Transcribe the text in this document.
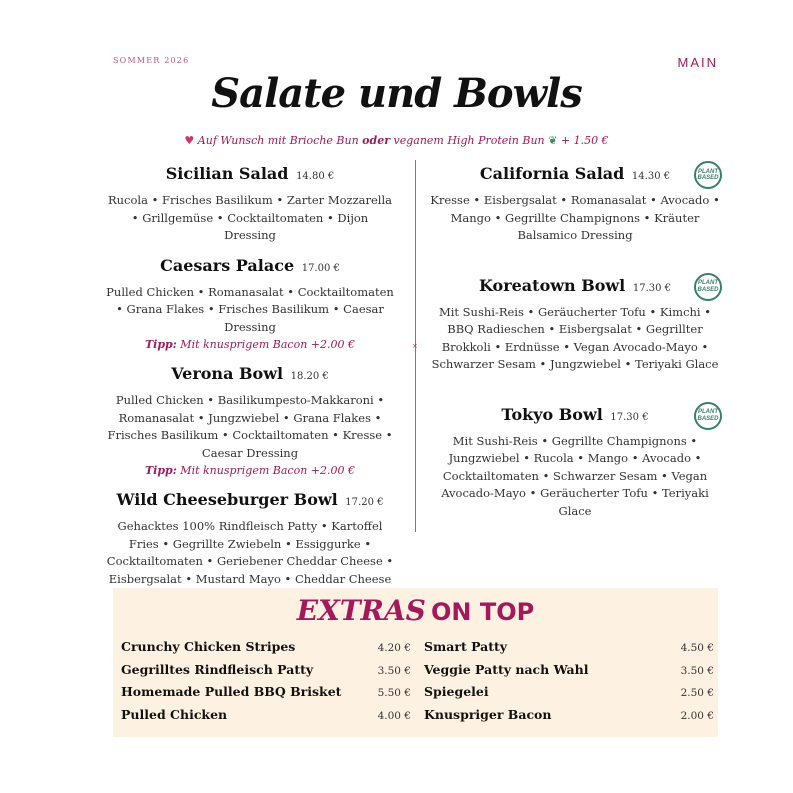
SOMMER 2026	MAIN
Salate und Bowls
♥ Auf Wunsch mit Brioche Bun oder veganem High Protein Bun ❦ + 1.50 €
×
Sicilian Salad 14.80 €
Rucola • Frisches Basilikum • Zarter Mozzarella • Grillgemüse • Cocktailtomaten • Dijon Dressing
Caesars Palace 17.00 €
Pulled Chicken • Romanasalat • Cocktailtomaten • Grana Flakes • Frisches Basilikum • Caesar Dressing
Tipp: Mit knusprigem Bacon +2.00 €
Verona Bowl 18.20 €
Pulled Chicken • Basilikumpesto-Makkaroni • Romanasalat • Jungzwiebel • Grana Flakes • Frisches Basilikum • Cocktailtomaten • Kresse • Caesar Dressing
Tipp: Mit knusprigem Bacon +2.00 €
Wild Cheeseburger Bowl 17.20 €
Gehacktes 100% Rindfleisch Patty • Kartoffel Fries • Gegrillte Zwiebeln • Essiggurke • Cocktailtomaten • Geriebener Cheddar Cheese • Eisbergsalat • Mustard Mayo • Cheddar Cheese
PLANT
BASED
California Salad 14.30 €
Kresse • Eisbergsalat • Romanasalat • Avocado • Mango • Gegrillte Champignons • Kräuter Balsamico Dressing
PLANT
BASED
Koreatown Bowl 17.30 €
Mit Sushi-Reis • Geräucherter Tofu • Kimchi • BBQ Radieschen • Eisbergsalat • Gegrillter Brokkoli • Erdnüsse • Vegan Avocado-Mayo • Schwarzer Sesam • Jungzwiebel • Teriyaki Glace
PLANT
BASED
Tokyo Bowl 17.30 €
Mit Sushi-Reis • Gegrillte Champignons • Jungzwiebel • Rucola • Mango • Avocado • Cocktailtomaten • Schwarzer Sesam • Vegan Avocado-Mayo • Geräucherter Tofu • Teriyaki Glace
EXTRAS ON TOP
Crunchy Chicken Stripes	4.20 €
Gegrilltes Rindfleisch Patty	3.50 €
Homemade Pulled BBQ Brisket	5.50 €
Pulled Chicken	4.00 €
Smart Patty	4.50 €
Veggie Patty nach Wahl	3.50 €
Spiegelei	2.50 €
Knuspriger Bacon	2.00 €
